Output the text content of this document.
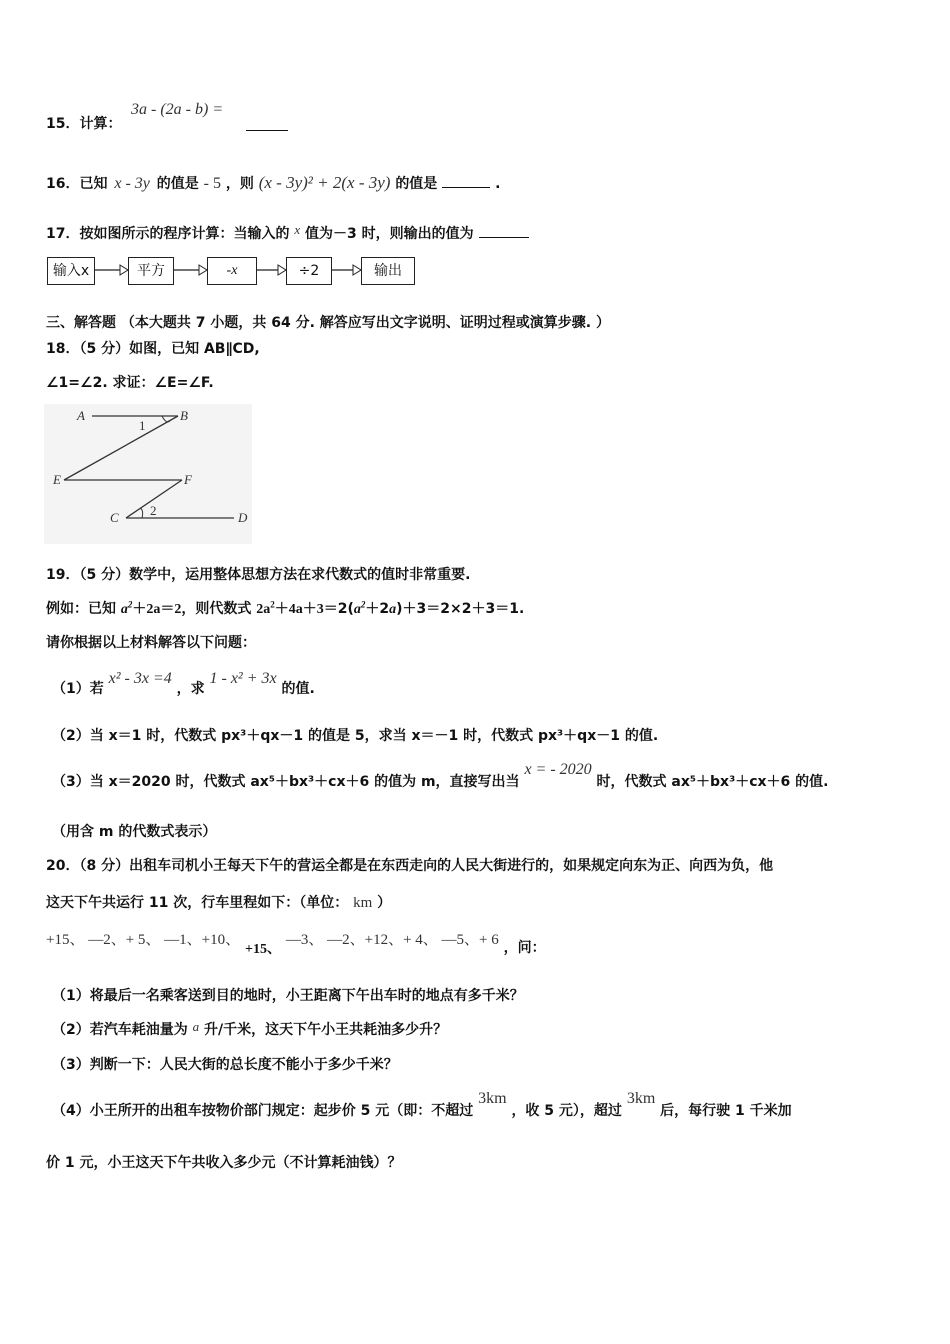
15．计算：
3a - (2a - b) =
16．已知 x - 3y 的值是 - 5 ，则 (x - 3y)² + 2(x - 3y) 的值是	.
17．按如图所示的程序计算：当输入的 x 值为－3 时，则输出的值为
输入x	平方	-x	÷2	输出
三、解答题 （本大题共 7 小题，共 64 分. 解答应写出文字说明、证明过程或演算步骤. ）
18．（5 分）如图，已知 AB∥CD,
∠1=∠2. 求证：∠E=∠F.
A	B
E	F
C	D
1
2
19．（5 分）数学中，运用整体思想方法在求代数式的值时非常重要.
例如：已知 $a^2+2a=2$，则代数式 $2a^2+4a+3=2(a^2+2a)+3=2\times 2+3=1$.
请你根据以上材料解答以下问题：
（1）若 x² - 3x =4 ，求 1 - x² + 3x 的值.
（2）当 x＝1 时，代数式 px³＋qx－1 的值是 5，求当 x＝－1 时，代数式 px³＋qx－1 的值.
（3）当 x＝2020 时，代数式 ax⁵＋bx³＋cx＋6 的值为 m，直接写出当 x = - 2020 时，代数式 ax⁵＋bx³＋cx＋6 的值.
（用含 m 的代数式表示）
20．（8 分）出租车司机小王每天下午的营运全都是在东西走向的人民大街进行的，如果规定向东为正、向西为负，他
这天下午共运行 11 次，行车里程如下：（单位： km ）
+15、 —2、+ 5、 —1、+10、 +15、 —3、 —2、+12、+ 4、 —5、+ 6 ，问：
（1）将最后一名乘客送到目的地时，小王距离下午出车时的地点有多千米？
（2）若汽车耗油量为 a 升/千米，这天下午小王共耗油多少升？
（3）判断一下：人民大街的总长度不能小于多少千米？
（4）小王所开的出租车按物价部门规定：起步价 5 元（即：不超过 3km ，收 5 元），超过 3km 后，每行驶 1 千米加
价 1 元，小王这天下午共收入多少元（不计算耗油钱）？
